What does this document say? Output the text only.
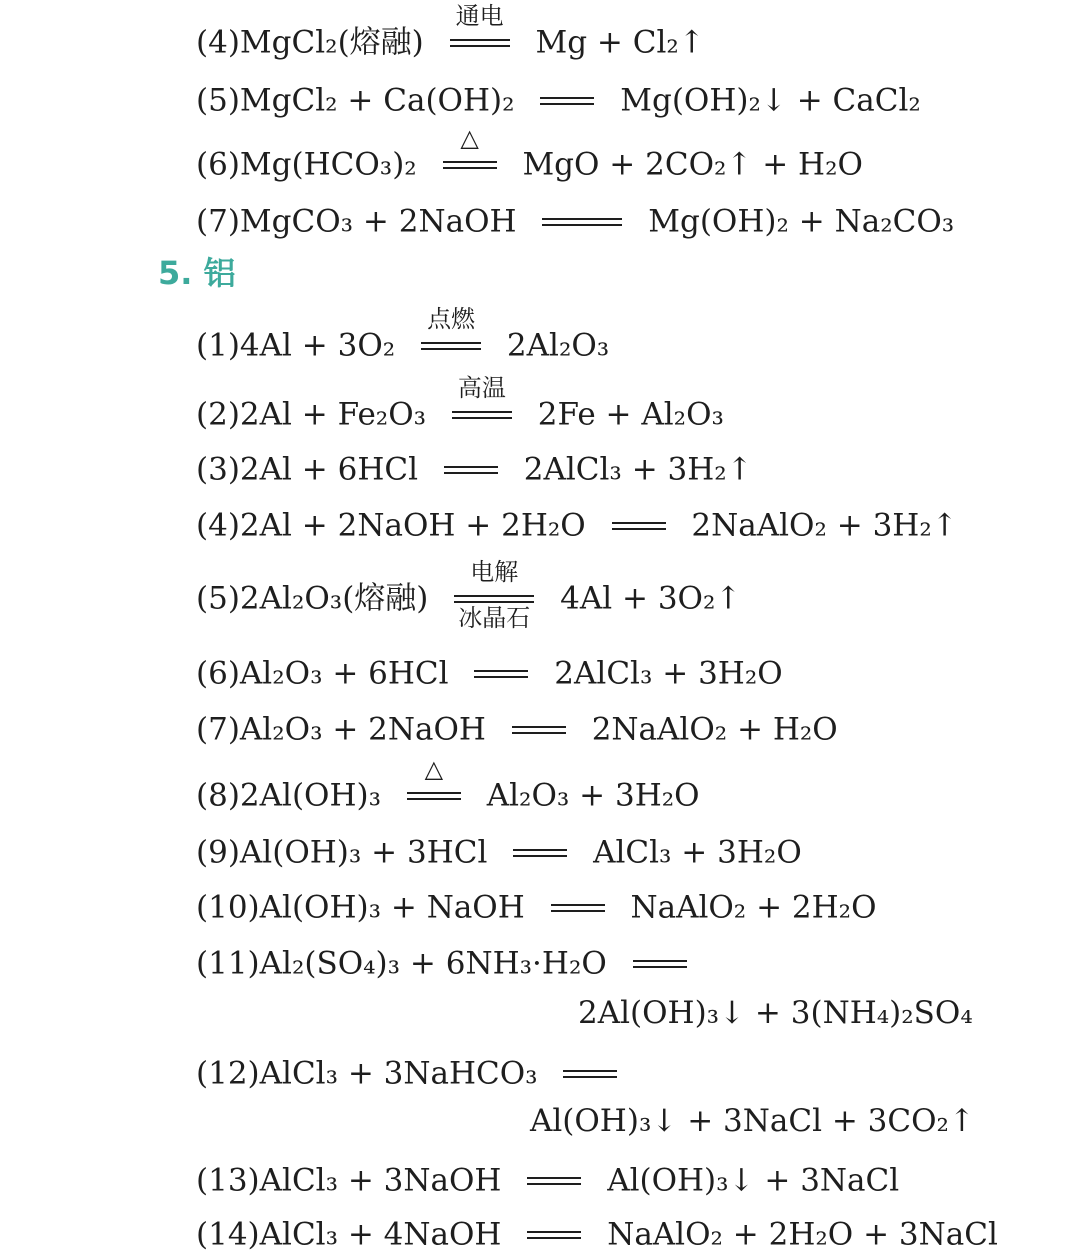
(4)MgCl₂(熔融)
通电
Mg + Cl₂↑
(5)MgCl₂ + Ca(OH)₂	Mg(OH)₂↓ + CaCl₂
(6)Mg(HCO₃)₂
△
MgO + 2CO₂↑ + H₂O
(7)MgCO₃ + 2NaOH	Mg(OH)₂ + Na₂CO₃
5. 铝
(1)4Al + 3O₂
点燃
2Al₂O₃
(2)2Al + Fe₂O₃
高温
2Fe + Al₂O₃
(3)2Al + 6HCl	2AlCl₃ + 3H₂↑
(4)2Al + 2NaOH + 2H₂O	2NaAlO₂ + 3H₂↑
(5)2Al₂O₃(熔融)
电解
冰晶石
4Al + 3O₂↑
(6)Al₂O₃ + 6HCl	2AlCl₃ + 3H₂O
(7)Al₂O₃ + 2NaOH	2NaAlO₂ + H₂O
(8)2Al(OH)₃
△
Al₂O₃ + 3H₂O
(9)Al(OH)₃ + 3HCl	AlCl₃ + 3H₂O
(10)Al(OH)₃ + NaOH	NaAlO₂ + 2H₂O
(11)Al₂(SO₄)₃ + 6NH₃·H₂O
2Al(OH)₃↓ + 3(NH₄)₂SO₄
(12)AlCl₃ + 3NaHCO₃
Al(OH)₃↓ + 3NaCl + 3CO₂↑
(13)AlCl₃ + 3NaOH	Al(OH)₃↓ + 3NaCl
(14)AlCl₃ + 4NaOH	NaAlO₂ + 2H₂O + 3NaCl
